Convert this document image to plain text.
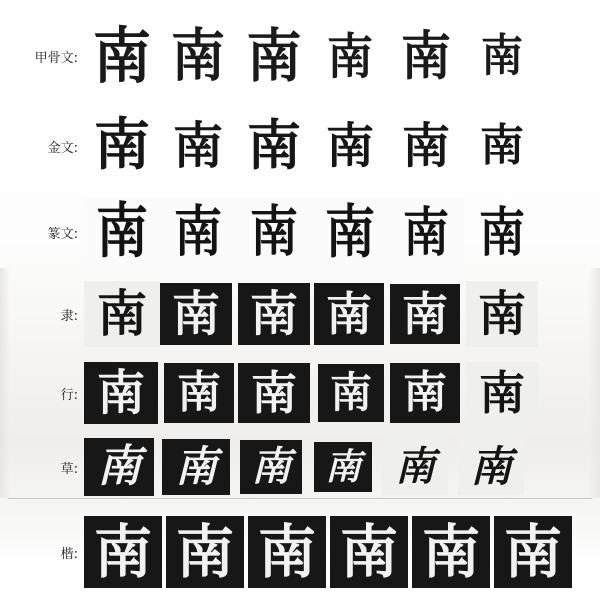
甲骨文: 南 南 南 南 南 南
金文: 南 南 南 南 南 南
篆文: 南 南 南 南 南 南
隶: 南 南 南 南 南 南
行: 南 南 南 南 南 南
草: 南 南 南 南 南 南
楷: 南 南 南 南 南 南
